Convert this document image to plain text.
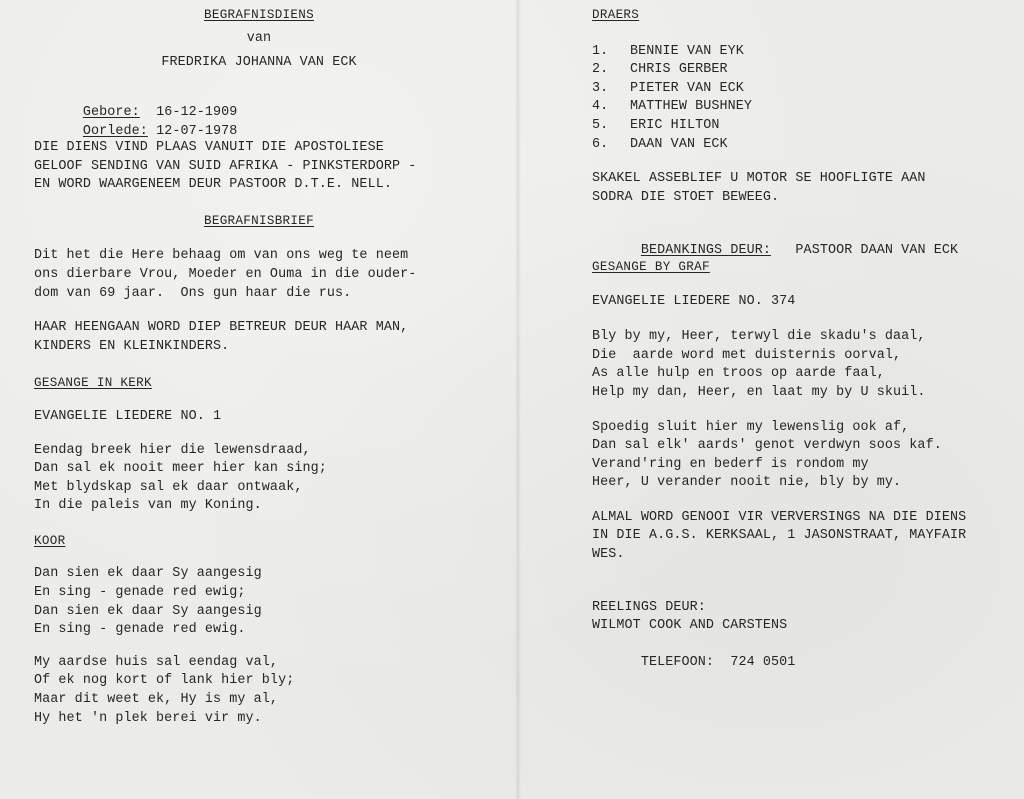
BEGRAFNISDIENS
van
FREDRIKA JOHANNA VAN ECK

Gebore: 16-12-1909

Oorlede: 12-07-1978

DIE DIENS VIND PLAAS VANUIT DIE APOSTOLIESE
GELOOF SENDING VAN SUID AFRIKA - PINKSTERDORP -
EN WORD WAARGENEEM DEUR PASTOOR D.T.E. NELL.
BEGRAFNISBRIEF
Dit het die Here behaag om van ons weg te neem
ons dierbare Vrou, Moeder en Ouma in die ouder-
dom van 69 jaar.  Ons gun haar die rus.
HAAR HEENGAAN WORD DIEP BETREUR DEUR HAAR MAN,
KINDERS EN KLEINKINDERS.
GESANGE IN KERK
EVANGELIE LIEDERE NO. 1
Eendag breek hier die lewensdraad,
Dan sal ek nooit meer hier kan sing;
Met blydskap sal ek daar ontwaak,
In die paleis van my Koning.
KOOR
Dan sien ek daar Sy aangesig
En sing - genade red ewig;
Dan sien ek daar Sy aangesig
En sing - genade red ewig.
My aardse huis sal eendag val,
Of ek nog kort of lank hier bly;
Maar dit weet ek, Hy is my al,
Hy het 'n plek berei vir my.
DRAERS
1. BENNIE VAN EYK
2. CHRIS GERBER
3. PIETER VAN ECK
4. MATTHEW BUSHNEY
5. ERIC HILTON
6. DAAN VAN ECK
SKAKEL ASSEBLIEF U MOTOR SE HOOFLIGTE AAN
SODRA DIE STOET BEWEEG.

BEDANKINGS DEUR: PASTOOR DAAN VAN ECK

GESANGE BY GRAF
EVANGELIE LIEDERE NO. 374
Bly by my, Heer, terwyl die skadu's daal,
Die  aarde word met duisternis oorval,
As alle hulp en troos op aarde faal,
Help my dan, Heer, en laat my by U skuil.
Spoedig sluit hier my lewenslig ook af,
Dan sal elk' aards' genot verdwyn soos kaf.
Verand'ring en bederf is rondom my
Heer, U verander nooit nie, bly by my.
ALMAL WORD GENOOI VIR VERVERSINGS NA DIE DIENS
IN DIE A.G.S. KERKSAAL, 1 JASONSTRAAT, MAYFAIR
WES.
REELINGS DEUR:
WILMOT COOK AND CARSTENS

TELEFOON: 724 0501
